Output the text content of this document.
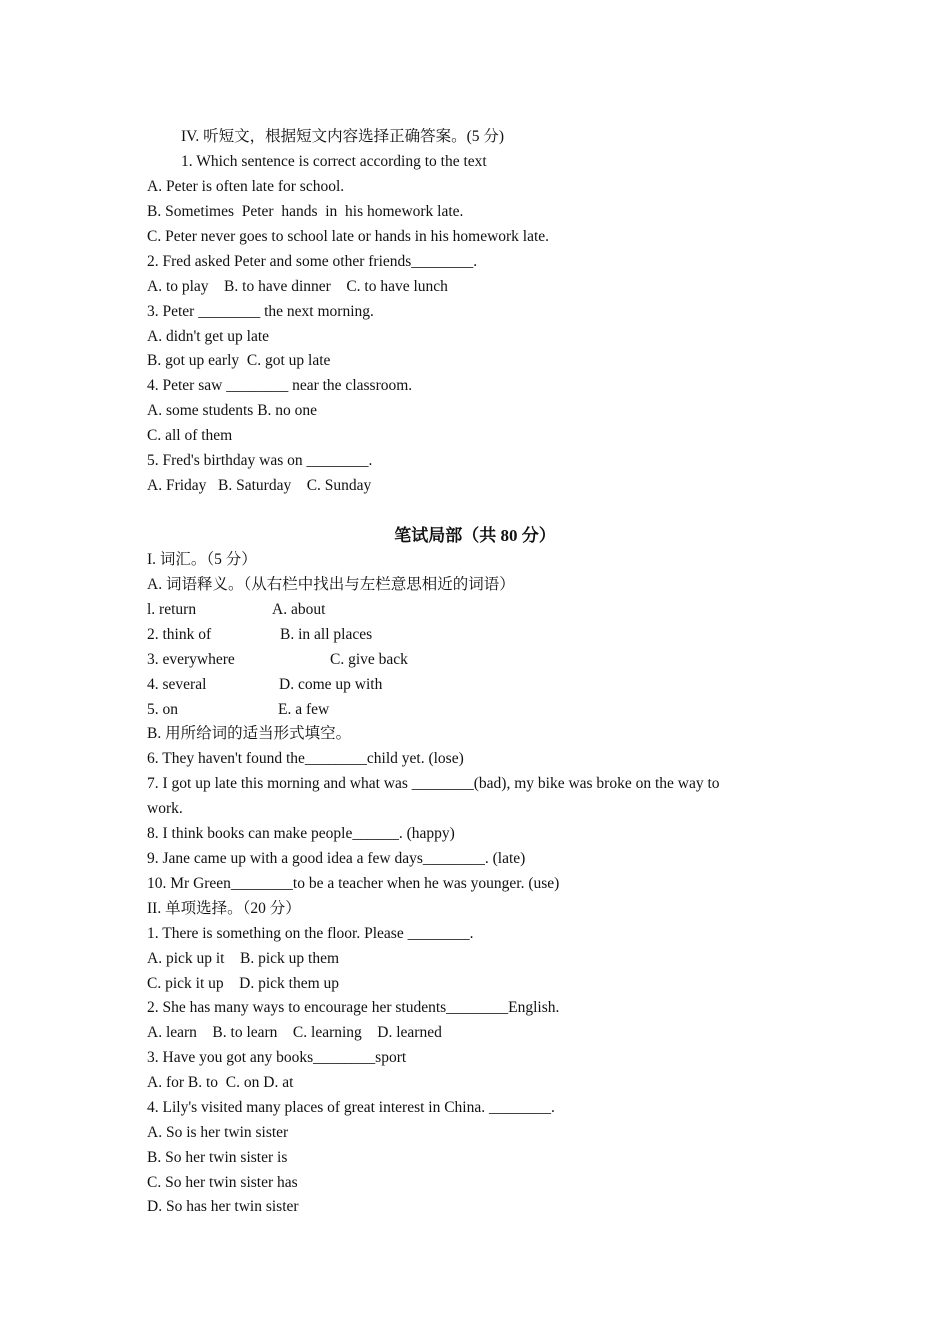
IV. 听短文，根据短文内容选择正确答案。(5 分)
1. Which sentence is correct according to the text
A. Peter is often late for school.
B. Sometimes  Peter  hands  in  his homework late.
C. Peter never goes to school late or hands in his homework late.
2. Fred asked Peter and some other friends________.
A. to play    B. to have dinner    C. to have lunch
3. Peter ________ the next morning.
A. didn't get up late
B. got up early  C. got up late
4. Peter saw ________ near the classroom.
A. some students B. no one
C. all of them
5. Fred's birthday was on ________.
A. Friday   B. Saturday    C. Sunday
笔试局部（共 80 分）
I. 词汇。（5 分）
A. 词语释义。（从右栏中找出与左栏意思相近的词语）
l. return	A. about
2. think of	B. in all places
3. everywhere	C. give back
4. several	D. come up with
5. on	E. a few
B. 用所给词的适当形式填空。
6. They haven't found the________child yet. (lose)
7. I got up late this morning and what was ________(bad), my bike was broke on the way to
work.
8. I think books can make people______. (happy)
9. Jane came up with a good idea a few days________. (late)
10. Mr Green________to be a teacher when he was younger. (use)
II. 单项选择。（20 分）
1. There is something on the floor. Please ________.
A. pick up it    B. pick up them
C. pick it up    D. pick them up
2. She has many ways to encourage her students________English.
A. learn    B. to learn    C. learning    D. learned
3. Have you got any books________sport
A. for B. to  C. on D. at
4. Lily's visited many places of great interest in China. ________.
A. So is her twin sister
B. So her twin sister is
C. So her twin sister has
D. So has her twin sister
